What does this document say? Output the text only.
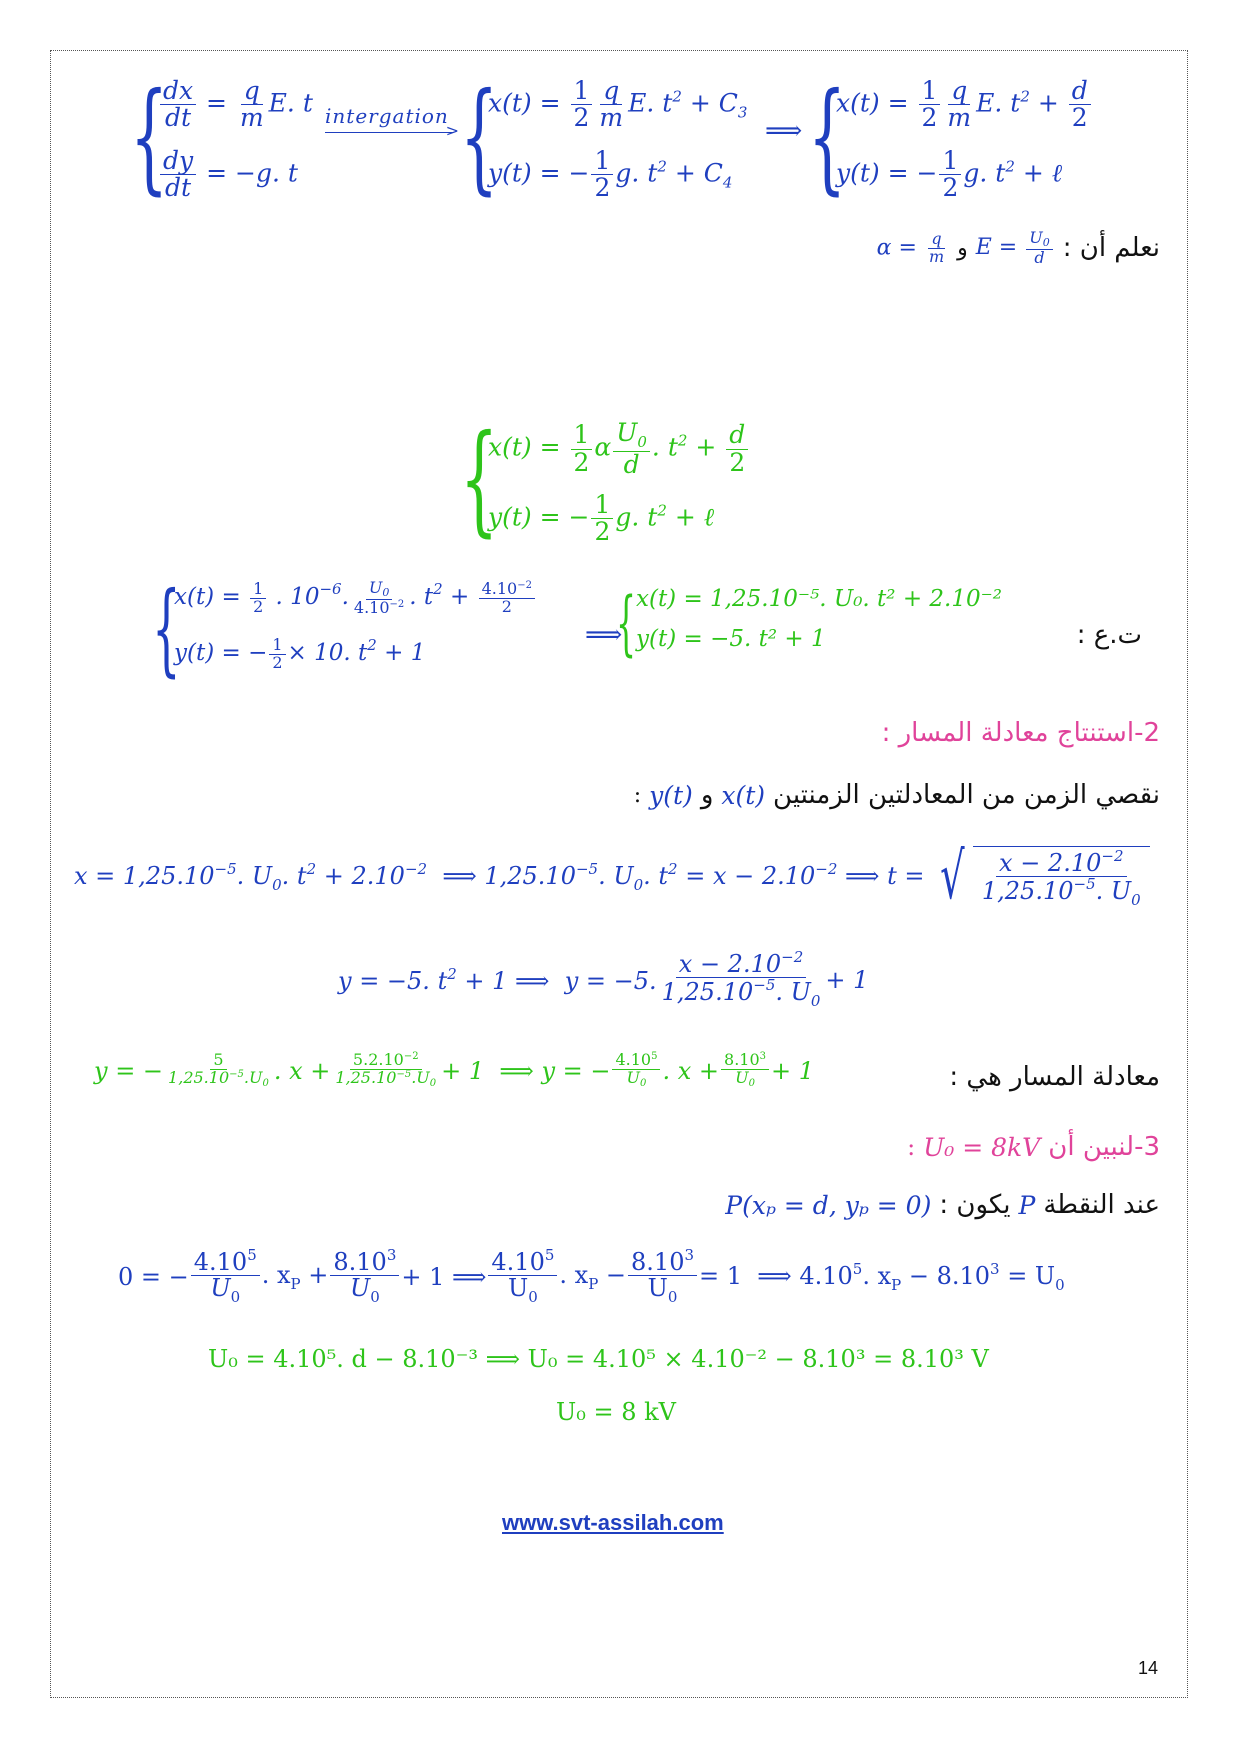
{
$\frac{dx}{dt} = \frac{q}{m} E$. t
$\frac{dy}{dt} = -g$. t
intergation
> {
$x(t) = \frac{1}{2} \frac{q}{m} E$. $t^2 + C_3$
y(t) = − $\frac{1}{2} g$. $t^2 + C_4$
⟹ {
$x(t) = \frac{1}{2} \frac{q}{m} E$. $t^2 + \frac{d}{2}$
y(t) = − $\frac{1}{2} g$. $t^2$ + ℓ
$\alpha = \frac{q}{m}$ و $E = \frac{U_0}{d}$ نعلم أن :
{
$x(t) = \frac{1}{2}$ α $\frac{U_0}{d}$ . $t^2 + \frac{d}{2}$
y(t) = − $\frac{1}{2} g$. $t^2$ + ℓ
{
$x(t) = \frac{1}{2}$ . $10^{-6}$. $\frac{U_0}{4.10^{-2}}$ . $t^2 + \frac{4.10^{-2}}{2}$
y(t) = − $\frac{1}{2} \times 10$. $t^2 + 1$
⟹
{ x(t) = 1,25.10⁻⁵. U₀. t² + 2.10⁻²
y(t) = −5. t² + 1	ت.ع :
2-استنتاج معادلة المسار :
: y(t) و x(t) نقصي الزمن من المعادلتين الزمنتين
$x = 1,25.10^{-5}$. $U_0$. $t^2 + 2.10^{-2}$  ⟹ $1,25.10^{-5}$. $U_0$. $t^2 = x - 2.10^{-2}$ ⟹ t = √ $\frac{x - 2.10^{-2}}{1,25.10^{-5}. U_0}$
y = −5. $t^2 + 1$ ⟹  y = −5. $\frac{x - 2.10^{-2}}{1,25.10^{-5}. U_0} + 1$
y = − $\frac{5}{1,25.10^{-5}.U_0}$ . $x + \frac{5.2.10^{-2}}{1,25.10^{-5}.U_0} + 1$  ⟹ y = − $\frac{4.10^5}{U_0}$ . $x + \frac{8.10^3}{U_0} + 1$	معادلة المسار هي :
: U₀ = 8kV 3-لنبين أن
P(xₚ = d, yₚ = 0) يكون : P عند النقطة
0 = − $\frac{4.10^5}{U_0}$ . $x_P + \frac{8.10^3}{U_0} + 1$ ⟹ $\frac{4.10^5}{U_0}$ . $x_P - \frac{8.10^3}{U_0} = 1$  ⟹ 4.10$^5$. $x_P - 8.10^3 = U_0$
U₀ = 4.10⁵. d − 8.10⁻³ ⟹ U₀ = 4.10⁵ × 4.10⁻² − 8.10³ = 8.10³ V
U₀ = 8 kV
www.svt-assilah.com
14
